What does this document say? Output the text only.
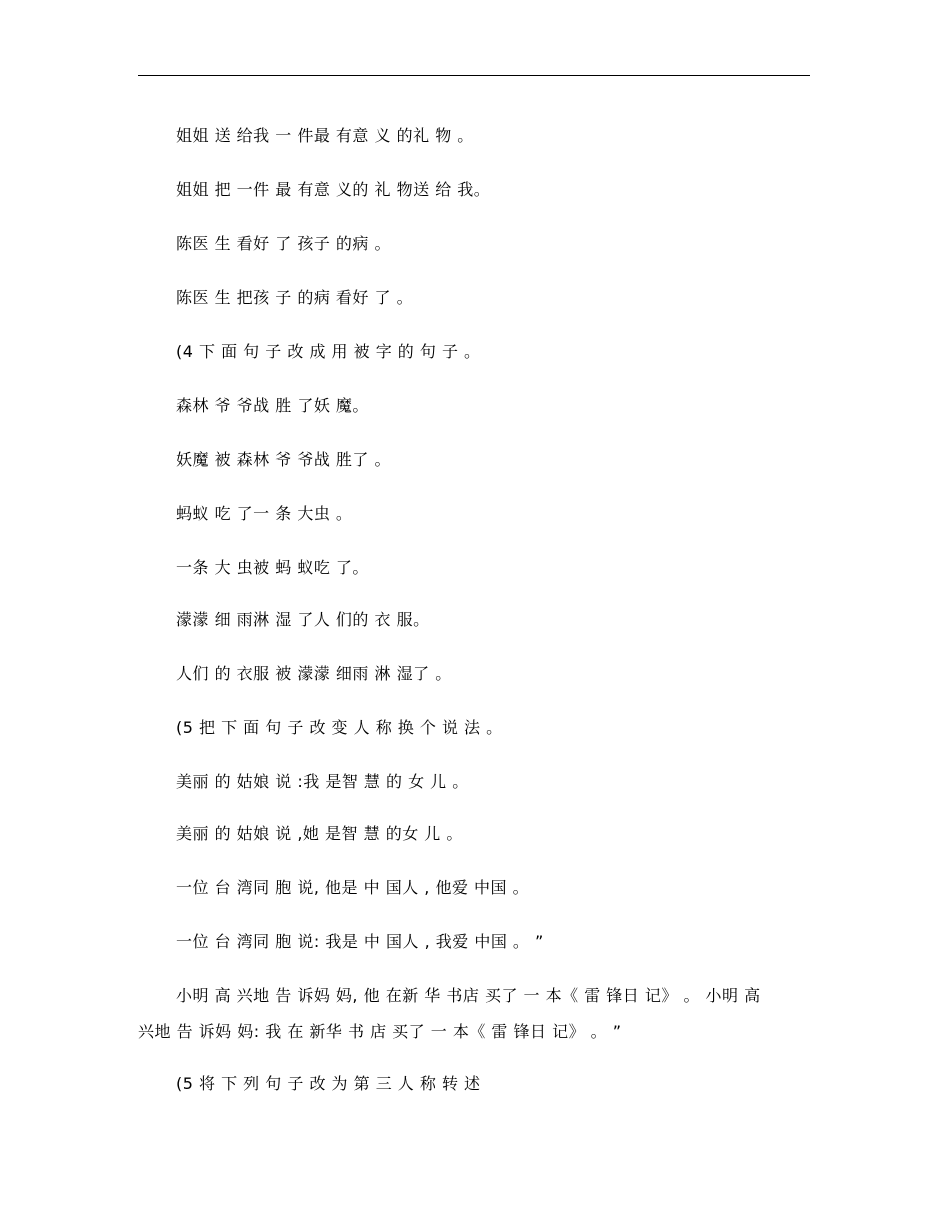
姐姐 送 给我 一 件最 有意 义 的礼 物 。

姐姐 把 一件 最 有意 义的 礼 物送 给 我。

陈医 生 看好 了 孩子 的病 。

陈医 生 把孩 子 的病 看好 了 。

(4 下 面 句 子 改 成 用 被 字 的 句 子 。

森林 爷 爷战 胜 了妖 魔。

妖魔 被 森林 爷 爷战 胜了 。

蚂蚁 吃 了一 条 大虫 。

一条 大 虫被 蚂 蚁吃 了。

濛濛 细 雨淋 湿 了人 们的 衣 服。

人们 的 衣服 被 濛濛 细雨 淋 湿了 。

(5 把 下 面 句 子 改 变 人 称 换 个 说 法 。

美丽 的 姑娘 说 :我 是智 慧 的 女 儿 。

美丽 的 姑娘 说 ,她 是智 慧 的女 儿 。

一位 台 湾同 胞 说, 他是 中 国人 , 他爱 中国 。

一位 台 湾同 胞 说: 我是 中 国人 , 我爱 中国 。 ”

小明 高 兴地 告 诉妈 妈, 他 在新 华 书店 买了 一 本《 雷 锋日 记》 。 小明 高
兴地 告 诉妈 妈: 我 在 新华 书 店 买了 一 本《 雷 锋日 记》 。 ”

(5 将 下 列 句 子 改 为 第 三 人 称 转 述
